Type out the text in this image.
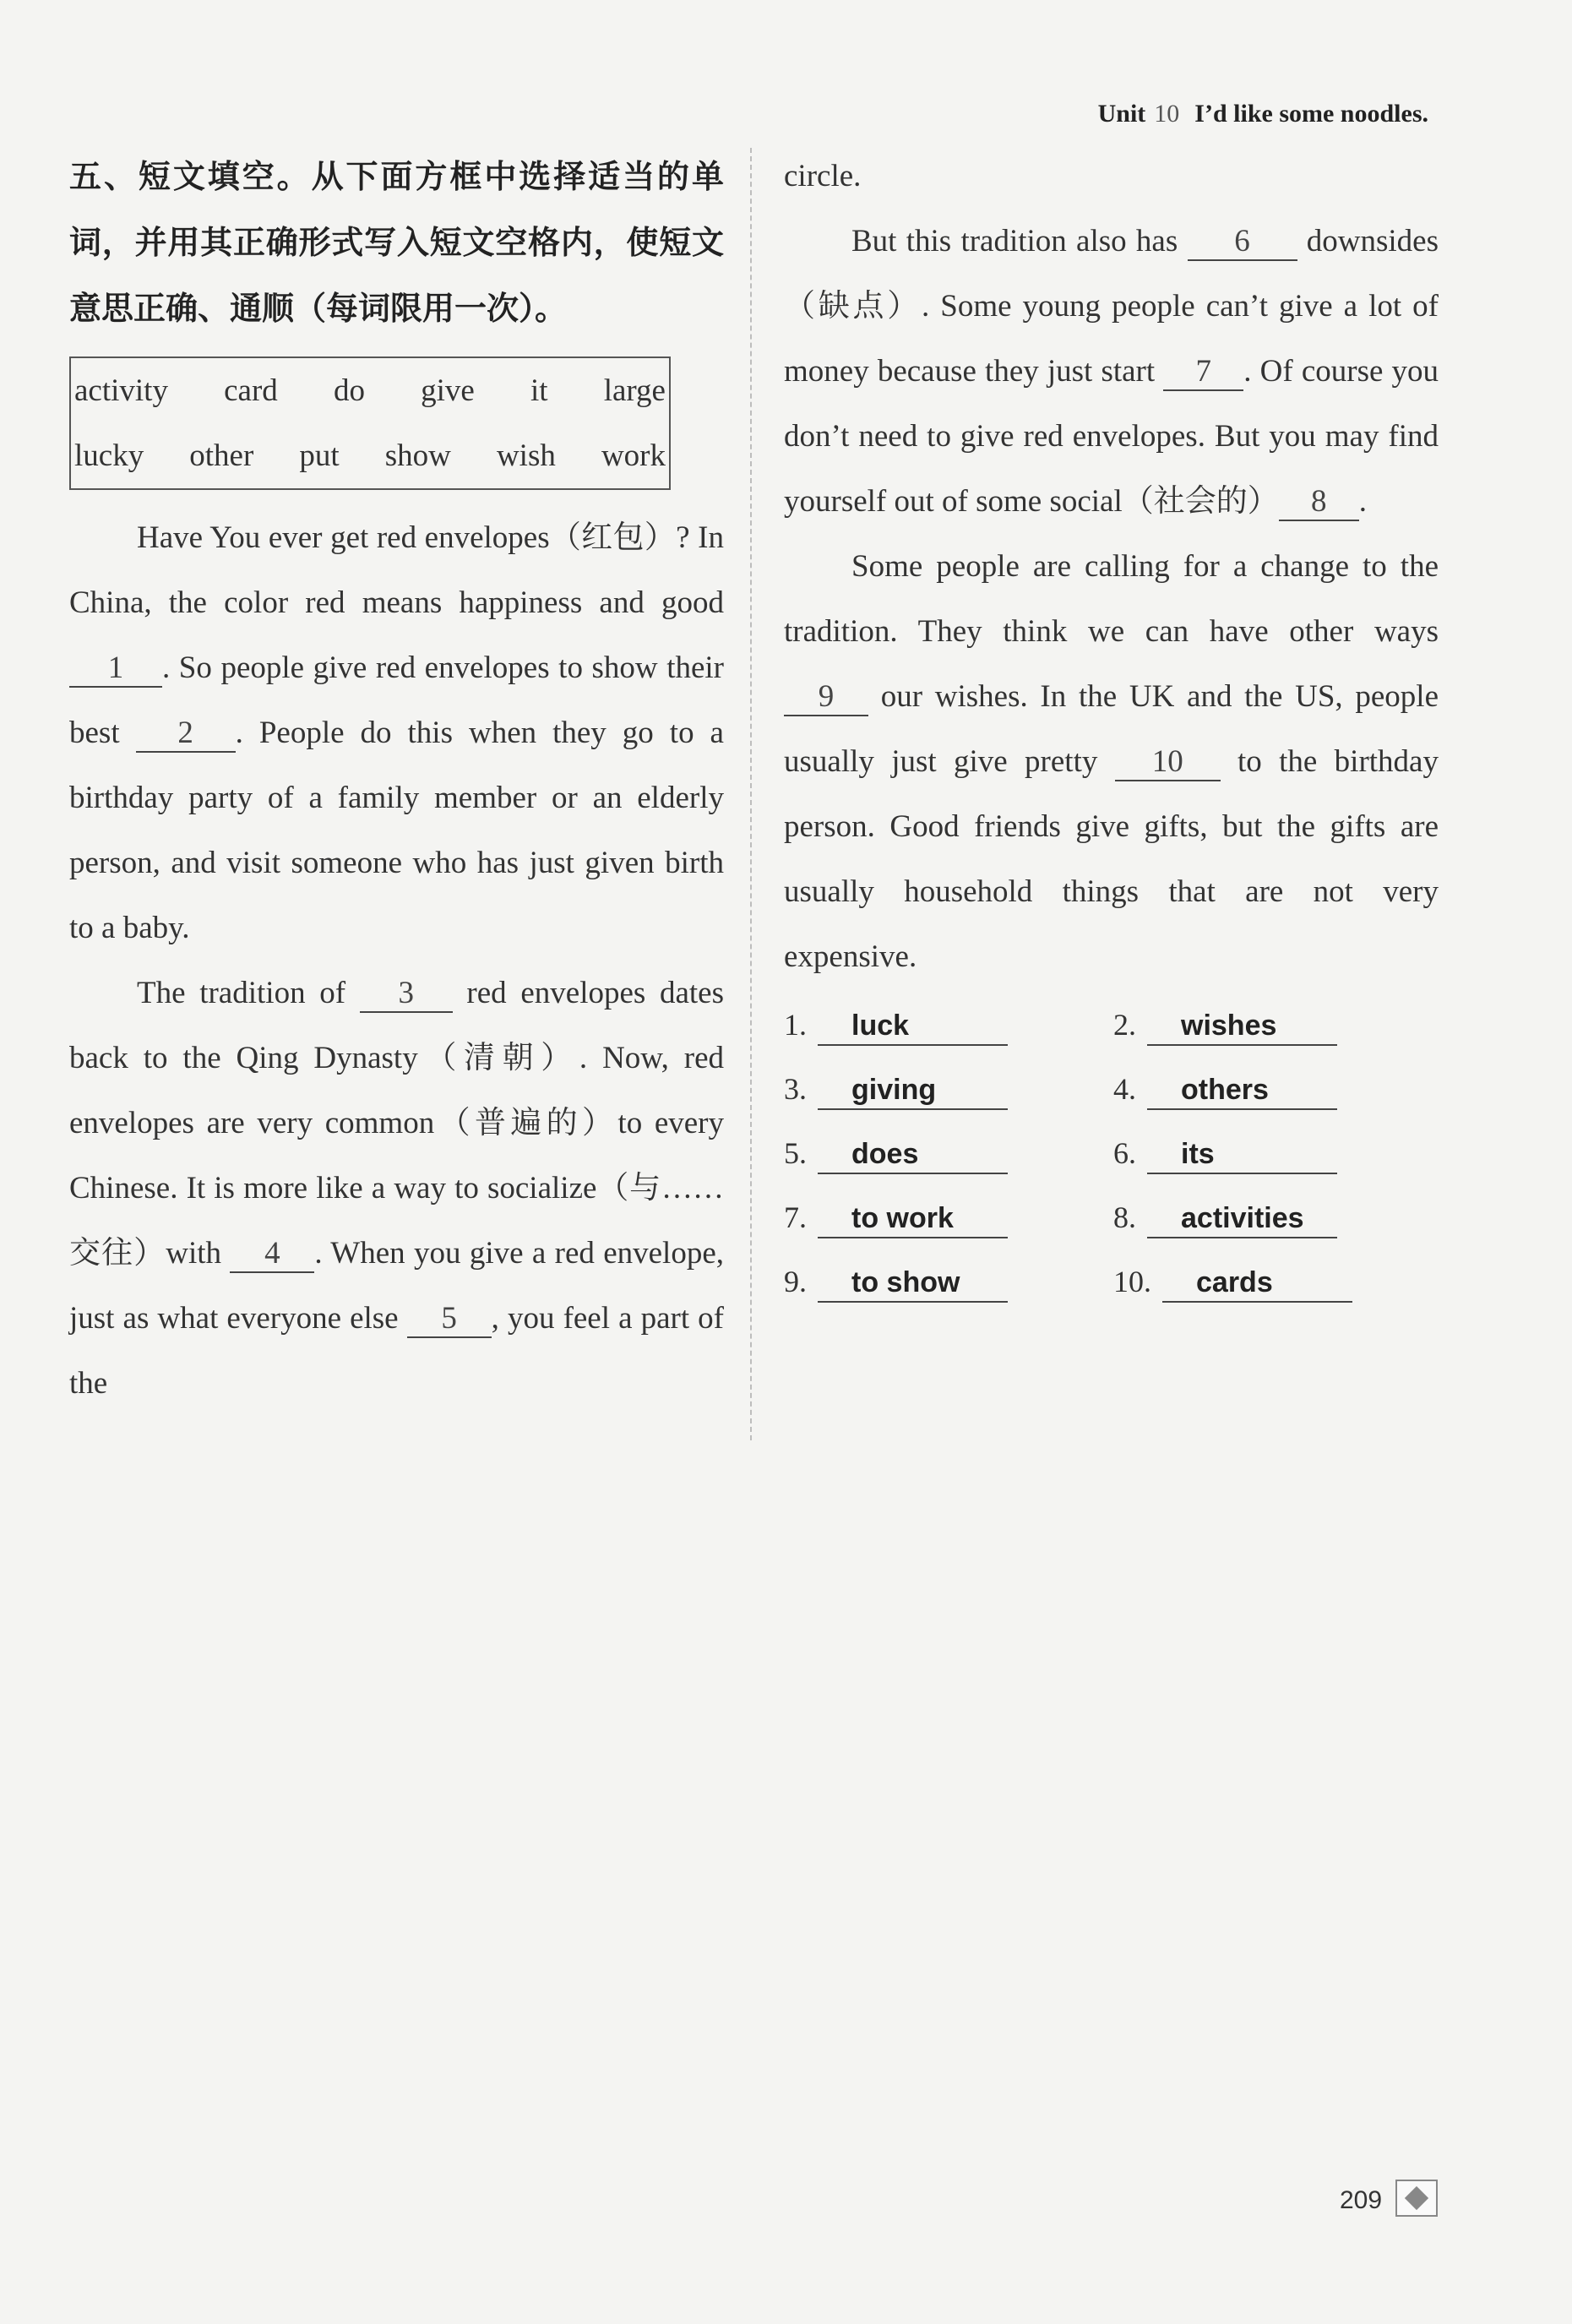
Unit 10 I’d like some noodles.

五、短文填空。从下面方框中选择适当的单词，并用其正确形式写入短文空格内，使短文意思正确、通顺（每词限用一次）。

activity card do give it large
lucky other put show wish work

Have You ever get red envelopes（红包）? In China, the color red means happiness and good 1 . So people give red envelopes to show their best 2 . People do this when they go to a birthday party of a family member or an elderly person, and visit someone who has just given birth to a baby.

The tradition of 3 red envelopes dates back to the Qing Dynasty（清朝）. Now, red envelopes are very common（普遍的）to every Chinese. It is more like a way to socialize（与……交往）with 4 . When you give a red envelope, just as what everyone else 5 , you feel a part of the

circle.

But this tradition also has 6 downsides（缺点）. Some young people can’t give a lot of money because they just start 7 . Of course you don’t need to give red envelopes. But you may find yourself out of some social（社会的） 8 .

Some people are calling for a change to the tradition. They think we can have other ways 9 our wishes. In the UK and the US, people usually just give pretty 10 to the birthday person. Good friends give gifts, but the gifts are usually household things that are not very expensive.

1.	luck	2.	wishes
3.	giving	4.	others
5.	does	6.	its
7.	to work	8.	activities
9.	to show	10.	cards
209
